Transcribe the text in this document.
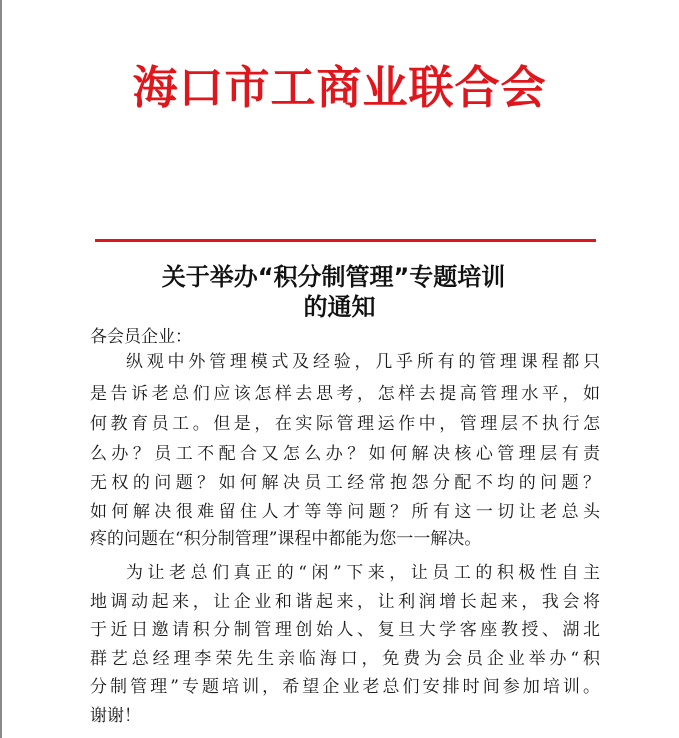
海口市工商业联合会
关于举办“积分制管理”专题培训
的通知
各会员企业：
纵观中外管理模式及经验，几乎所有的管理课程都只
是告诉老总们应该怎样去思考，怎样去提高管理水平，如
何教育员工。但是，在实际管理运作中，管理层不执行怎
么办？员工不配合又怎么办？如何解决核心管理层有责
无权的问题？如何解决员工经常抱怨分配不均的问题？
如何解决很难留住人才等等问题？所有这一切让老总头
疼的问题在“积分制管理”课程中都能为您一一解决。
为让老总们真正的“闲”下来，让员工的积极性自主
地调动起来，让企业和谐起来，让利润增长起来，我会将
于近日邀请积分制管理创始人、复旦大学客座教授、湖北
群艺总经理李荣先生亲临海口，免费为会员企业举办“积
分制管理”专题培训，希望企业老总们安排时间参加培训。
谢谢！
